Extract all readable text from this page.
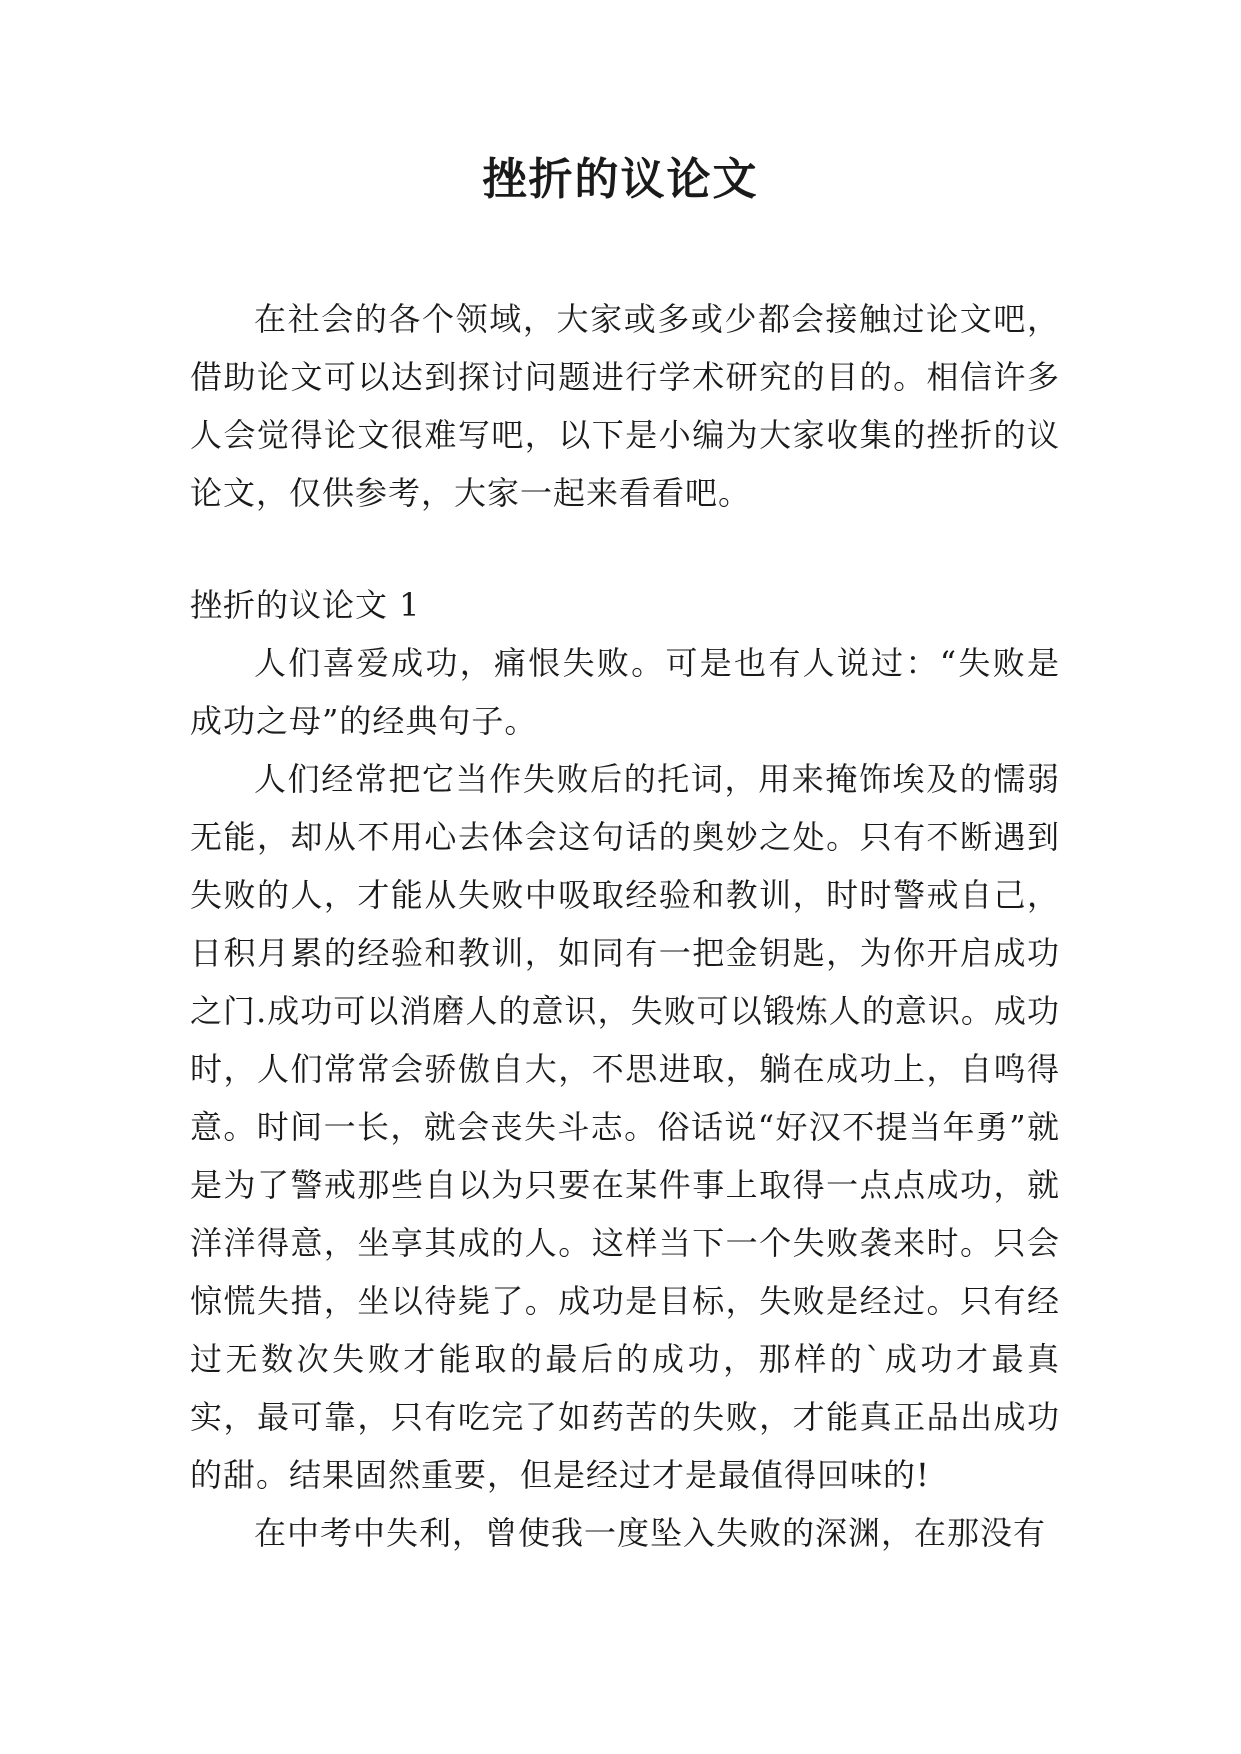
挫折的议论文

在社会的各个领域，大家或多或少都会接触过论文吧，借助论文可以达到探讨问题进行学术研究的目的。相信许多人会觉得论文很难写吧，以下是小编为大家收集的挫折的议论文，仅供参考，大家一起来看看吧。

挫折的议论文 1

人们喜爱成功，痛恨失败。可是也有人说过：“失败是成功之母”的经典句子。

人们经常把它当作失败后的托词，用来掩饰埃及的懦弱无能，却从不用心去体会这句话的奥妙之处。只有不断遇到失败的人，才能从失败中吸取经验和教训，时时警戒自己，日积月累的经验和教训，如同有一把金钥匙，为你开启成功之门.成功可以消磨人的意识，失败可以锻炼人的意识。成功时，人们常常会骄傲自大，不思进取，躺在成功上，自鸣得意。时间一长，就会丧失斗志。俗话说“好汉不提当年勇”就是为了警戒那些自以为只要在某件事上取得一点点成功，就洋洋得意，坐享其成的人。这样当下一个失败袭来时。只会惊慌失措，坐以待毙了。成功是目标，失败是经过。只有经过无数次失败才能取的最后的成功，那样的`成功才最真实，最可靠，只有吃完了如药苦的失败，才能真正品出成功的甜。结果固然重要，但是经过才是最值得回味的!

在中考中失利，曾使我一度坠入失败的深渊，在那没有
